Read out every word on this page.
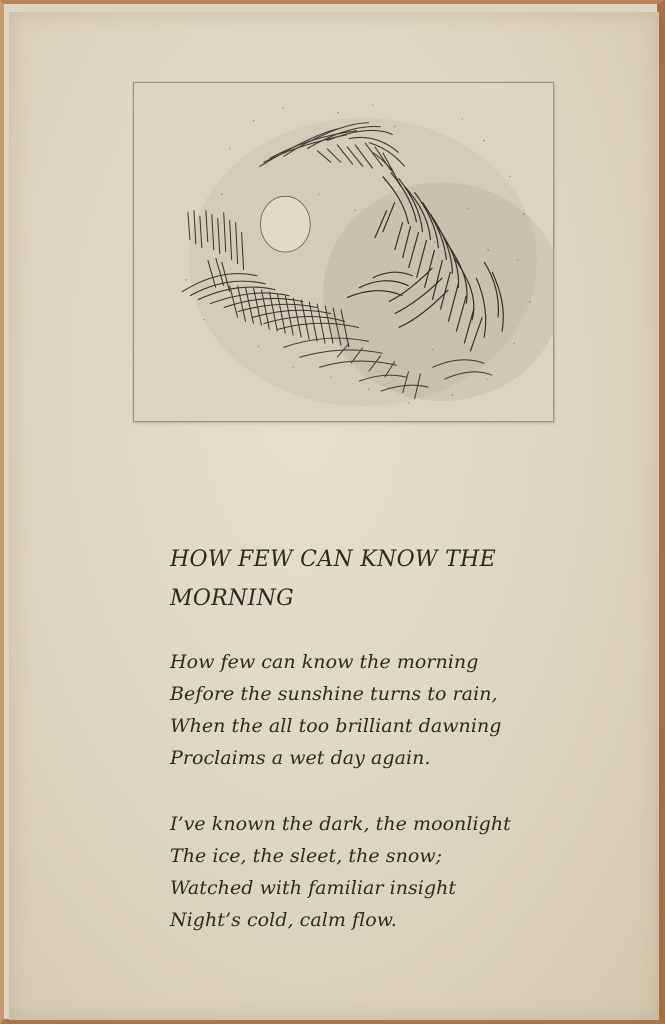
HOW FEW CAN KNOW THE
MORNING
How few can know the morning
Before the sunshine turns to rain,
When the all too brilliant dawning
Proclaims a wet day again.
I’ve known the dark, the moonlight
The ice, the sleet, the snow;
Watched with familiar insight
Night’s cold, calm flow.
